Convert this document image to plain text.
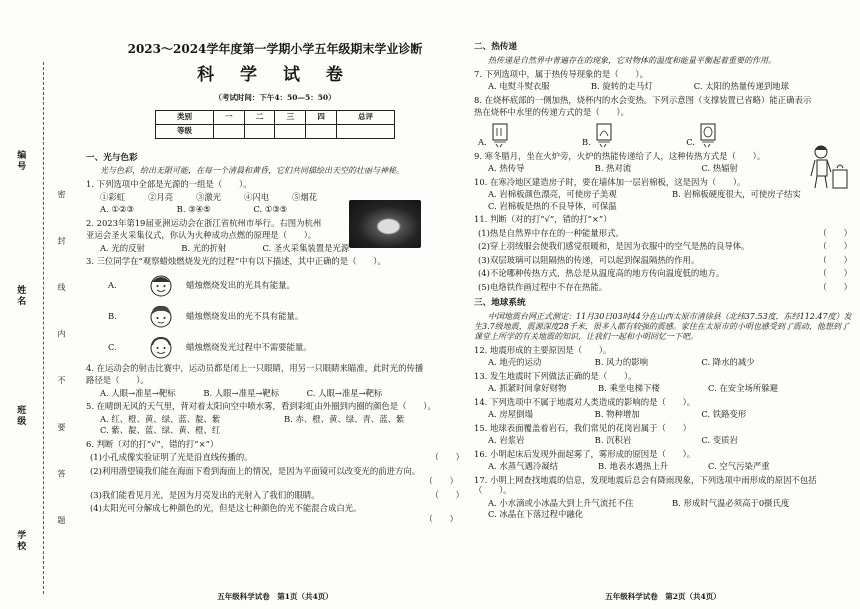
编号
姓名
班级
学校	密 封 线 内 不 要 答 题
2023～2024学年度第一学期小学五年级期末学业诊断
科 学 试 卷
（考试时间：下午4：50—5：50）
类别	一	二	三	四	总评
等级					
一、光与色彩
光与色彩，给出无限可能，在每一个清晨和黄昏，它们共同描绘出天空的壮丽与神秘。
1. 下列选项中全部是光源的一组是（　　）。
①彩虹	②月亮	③激光	④闪电	⑤烟花
A. ①②③	B. ③④⑤	C. ①③⑤
2. 2023年第19届亚洲运动会在浙江省杭州市举行。右图为杭州
亚运会圣火采集仪式，你认为火种成功点燃的原理是（　　）。
A. 光的反射	B. 光的折射	C. 圣火采集装置是光源
3. 三位同学在“观察蜡烛燃烧发光的过程”中有以下描述，其中正确的是（　　）。
A.	蜡烛燃烧发出的光具有能量。
B.	蜡烛燃烧发出的光不具有能量。
C.	蜡烛燃烧发光过程中不需要能量。
4. 在运动会的射击比赛中，运动员都是闭上一只眼睛，用另一只眼睛来瞄准，此时光的传播
路径是（　　）。
A. 人眼→准星→靶标	B. 人眼→准星→靶标	C. 人眼→准星→靶标
5. 在晴朗无风的天气里，背对着太阳向空中喷水雾，看到彩虹由外圈到内圈的颜色是（　　）。
A. 红、橙、黄、绿、蓝、靛、紫	B. 赤、橙、黄、绿、青、蓝、紫
C. 紫、靛、蓝、绿、黄、橙、红
6. 判断（对的打“√”，错的打“×”）
(1)小孔成像实验证明了光是沿直线传播的。	（　　）
(2)利用潜望镜我们能在海面下看到海面上的情况，是因为平面镜可以改变光的前进方向。
（　　）
(3)我们能看见月光，是因为月亮发出的光射入了我们的眼睛。	（　　）
(4)太阳光可分解成七种颜色的光，但是这七种颜色的光不能混合成白光。
（　　）
五年级科学试卷　第1页（共4页）
二、热传递
热传递是自然界中普遍存在的现象，它对物体的温度和能量平衡起着重要的作用。
7. 下列选项中，属于热传导现象的是（　　）。
A. 电熨斗熨衣服	B. 旋转的走马灯	C. 太阳的热量传递到地球
8. 在烧杯底部的一侧加热，烧杯内的水会变热。下列示意图（支撑装置已省略）能正确表示
热在烧杯中水里的传递方式的是（　　）。
A.	B.	C.
9. 寒冬腊月，坐在火炉旁，火炉的热能传递给了人，这种传热方式是（　　）。
A. 热传导	B. 热对流	C. 热辐射
10. 在寒冷地区建造房子时，要在墙体加一层岩棉板，这是因为（　　）。
A. 岩棉板颜色漂亮，可使房子美观	B. 岩棉板硬度很大，可使房子结实
C. 岩棉板是热的不良导体，可保温
11. 判断（对的打“√”，错的打“×”）
(1)热是自然界中存在的一种能量形式。	（　　）
(2)穿上羽绒服会使我们感觉很暖和，是因为衣服中的空气是热的良导体。	（　　）
(3)双层玻璃可以阻隔热的传递，可以起到保温隔热的作用。	（　　）
(4)不论哪种传热方式，热总是从温度高的地方传向温度低的地方。	（　　）
(5)电烙铁作画过程中不存在热能。	（　　）
三、地球系统
中国地震台网正式测定：11月30日03时44分在山西太原市清徐县（北纬37.53度，东经112.47度）发生3.7级地震，震源深度28千米，很多人都有较强的震感。家住在太原市的小明也感受到了震动，他想到了课堂上所学的有关地震的知识，让我们一起和小明回忆一下吧。
12. 地震形成的主要原因是（　　）。
A. 地壳的运动	B. 风力的影响	C. 降水的减少
13. 发生地震时下列做法正确的是（　　）。
A. 抓紧时间拿好财物	B. 乘坐电梯下楼	C. 在安全场所躲避
14. 下列选项中不属于地震对人类造成的影响的是（　　）。
A. 房屋倒塌	B. 物种增加	C. 铁路变形
15. 地球表面覆盖着岩石，我们常见的花岗岩属于（　　）
A. 岩浆岩	B. 沉积岩	C. 变质岩
16. 小明起床后发现外面起雾了，雾形成的原因是（　　）。
A. 水蒸气遇冷凝结	B. 地表水遇热上升	C. 空气污染严重
17. 小明上网查找地震的信息，发现地震后总会有降雨现象，下列选项中雨形成的原因不包括（　　）。
A. 小水滴或小冰晶大到上升气流托不住	B. 形成时气温必须高于0摄氏度
C. 冰晶在下落过程中融化
五年级科学试卷　第2页（共4页）
